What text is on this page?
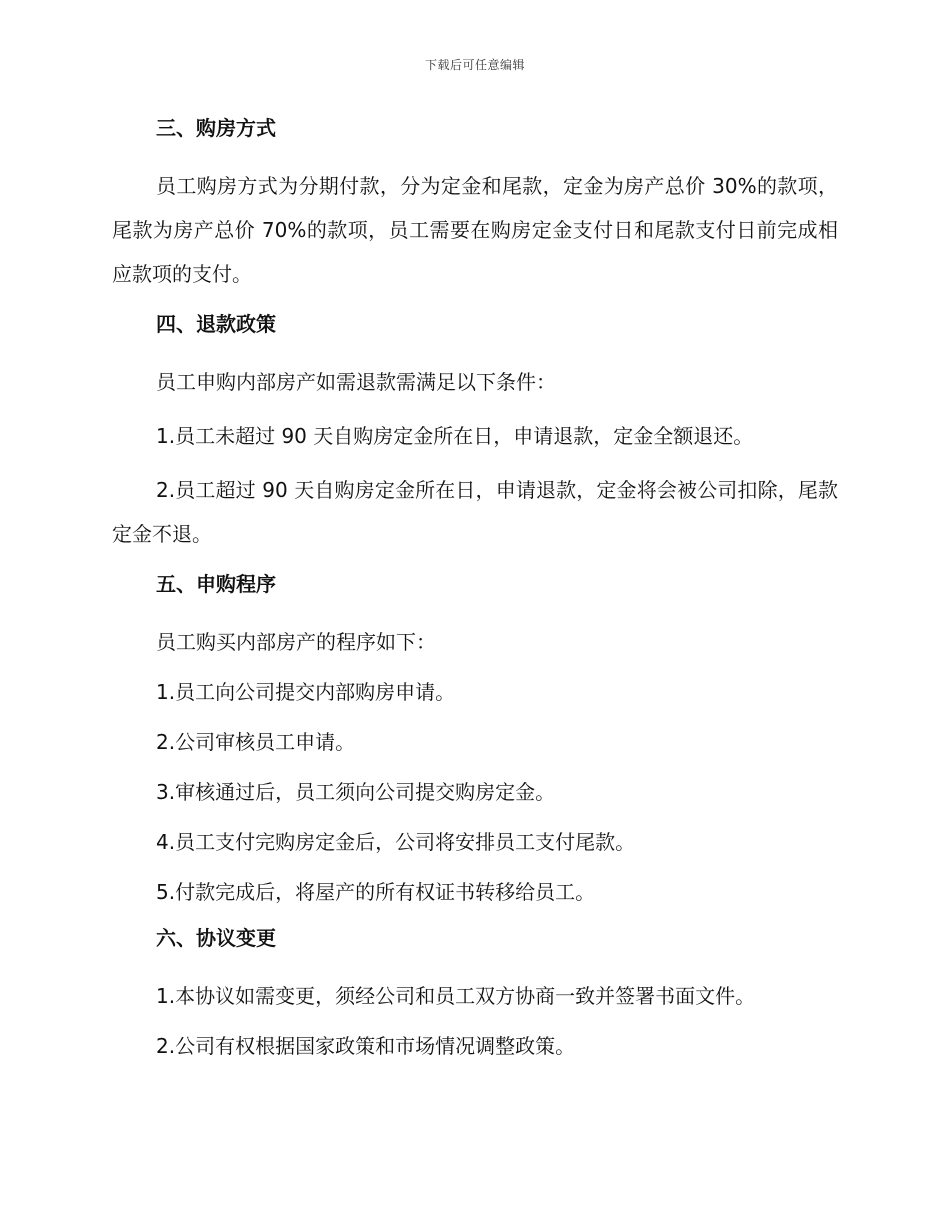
下载后可任意编辑
三、购房方式

员工购房方式为分期付款，分为定金和尾款，定金为房产总价 30%的款项，尾款为房产总价 70%的款项，员工需要在购房定金支付日和尾款支付日前完成相应款项的支付。

四、退款政策

员工申购内部房产如需退款需满足以下条件：

1.员工未超过 90 天自购房定金所在日，申请退款，定金全额退还。

2.员工超过 90 天自购房定金所在日，申请退款，定金将会被公司扣除，尾款定金不退。

五、申购程序

员工购买内部房产的程序如下：

1.员工向公司提交内部购房申请。

2.公司审核员工申请。

3.审核通过后，员工须向公司提交购房定金。

4.员工支付完购房定金后，公司将安排员工支付尾款。

5.付款完成后，将屋产的所有权证书转移给员工。

六、协议变更

1.本协议如需变更，须经公司和员工双方协商一致并签署书面文件。

2.公司有权根据国家政策和市场情况调整政策。
